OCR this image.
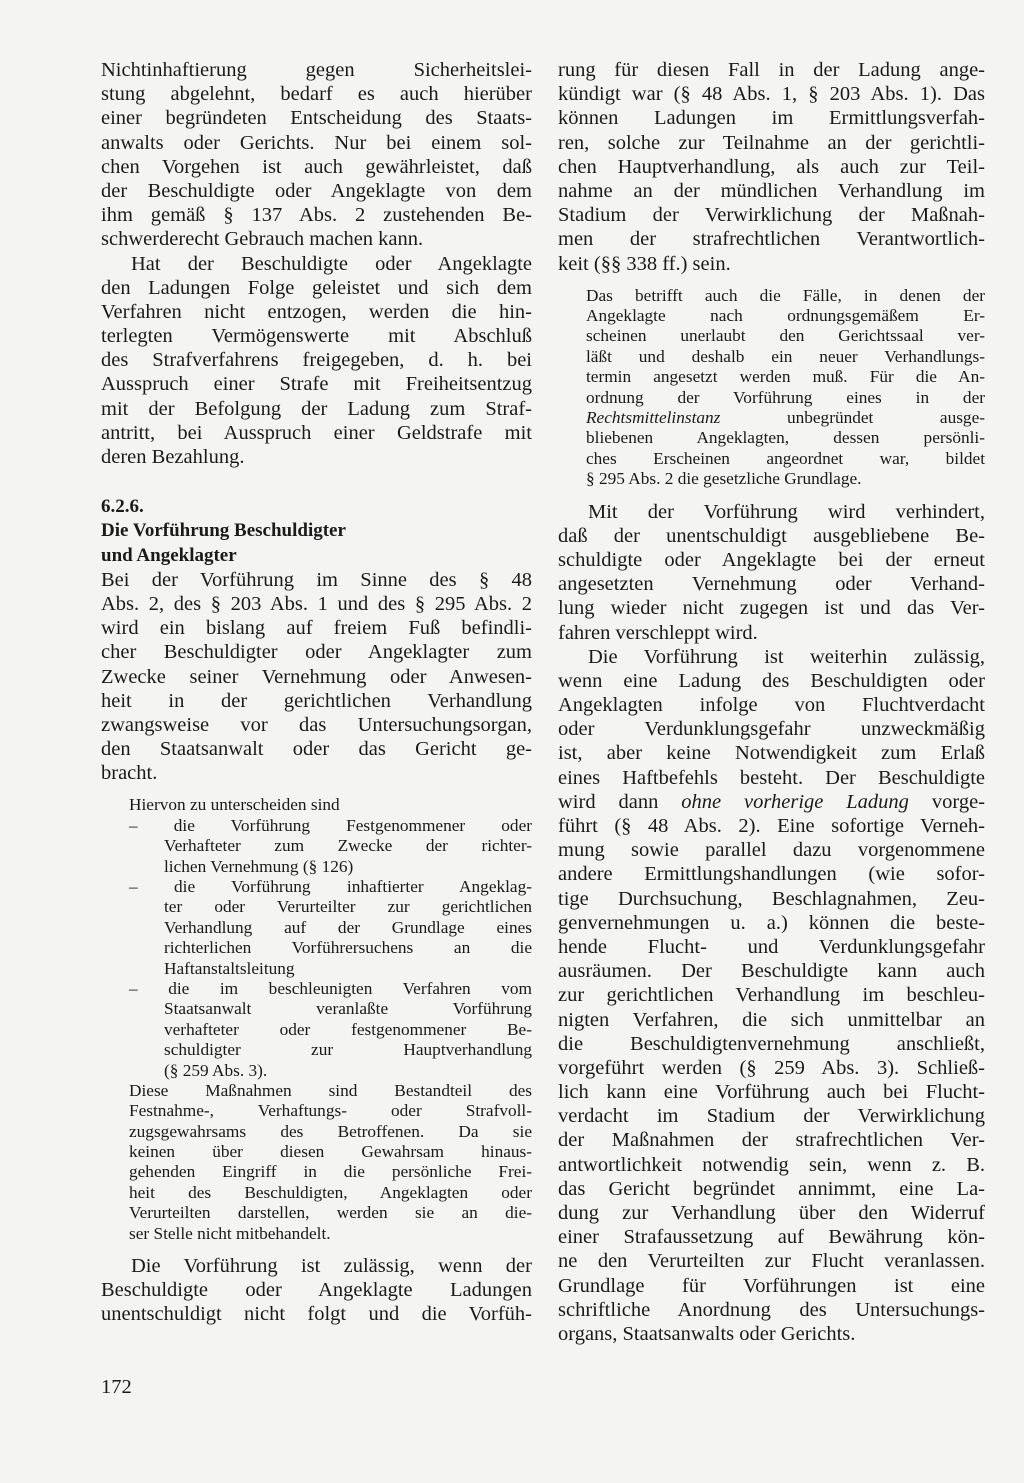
Nichtinhaftierung gegen Sicherheitslei-
stung abgelehnt, bedarf es auch hierüber
einer begründeten Entscheidung des Staats-
anwalts oder Gerichts. Nur bei einem sol-
chen Vorgehen ist auch gewährleistet, daß
der Beschuldigte oder Angeklagte von dem
ihm gemäß § 137 Abs. 2 zustehenden Be-
schwerderecht Gebrauch machen kann.
Hat der Beschuldigte oder Angeklagte
den Ladungen Folge geleistet und sich dem
Verfahren nicht entzogen, werden die hin-
terlegten Vermögenswerte mit Abschluß
des Strafverfahrens freigegeben, d. h. bei
Ausspruch einer Strafe mit Freiheitsentzug
mit der Befolgung der Ladung zum Straf-
antritt, bei Ausspruch einer Geldstrafe mit
deren Bezahlung.
6.2.6.
Die Vorführung Beschuldigter
und Angeklagter
Bei der Vorführung im Sinne des § 48
Abs. 2, des § 203 Abs. 1 und des § 295 Abs. 2
wird ein bislang auf freiem Fuß befindli-
cher Beschuldigter oder Angeklagter zum
Zwecke seiner Vernehmung oder Anwesen-
heit in der gerichtlichen Verhandlung
zwangsweise vor das Untersuchungsorgan,
den Staatsanwalt oder das Gericht ge-
bracht.
Hiervon zu unterscheiden sind
– die Vorführung Festgenommener oder
Verhafteter zum Zwecke der richter-
lichen Vernehmung (§ 126)
– die Vorführung inhaftierter Angeklag-
ter oder Verurteilter zur gerichtlichen
Verhandlung auf der Grundlage eines
richterlichen Vorführersuchens an die
Haftanstaltsleitung
– die im beschleunigten Verfahren vom
Staatsanwalt veranlaßte Vorführung
verhafteter oder festgenommener Be-
schuldigter zur Hauptverhandlung
(§ 259 Abs. 3).
Diese Maßnahmen sind Bestandteil des
Festnahme-, Verhaftungs- oder Strafvoll-
zugsgewahrsams des Betroffenen. Da sie
keinen über diesen Gewahrsam hinaus-
gehenden Eingriff in die persönliche Frei-
heit des Beschuldigten, Angeklagten oder
Verurteilten darstellen, werden sie an die-
ser Stelle nicht mitbehandelt.
Die Vorführung ist zulässig, wenn der
Beschuldigte oder Angeklagte Ladungen
unentschuldigt nicht folgt und die Vorfüh-
rung für diesen Fall in der Ladung ange-
kündigt war (§ 48 Abs. 1, § 203 Abs. 1). Das
können Ladungen im Ermittlungsverfah-
ren, solche zur Teilnahme an der gerichtli-
chen Hauptverhandlung, als auch zur Teil-
nahme an der mündlichen Verhandlung im
Stadium der Verwirklichung der Maßnah-
men der strafrechtlichen Verantwortlich-
keit (§§ 338 ff.) sein.
Das betrifft auch die Fälle, in denen der
Angeklagte nach ordnungsgemäßem Er-
scheinen unerlaubt den Gerichtssaal ver-
läßt und deshalb ein neuer Verhandlungs-
termin angesetzt werden muß. Für die An-
ordnung der Vorführung eines in der
Rechtsmittelinstanz unbegründet ausge-
bliebenen Angeklagten, dessen persönli-
ches Erscheinen angeordnet war, bildet
§ 295 Abs. 2 die gesetzliche Grundlage.
Mit der Vorführung wird verhindert,
daß der unentschuldigt ausgebliebene Be-
schuldigte oder Angeklagte bei der erneut
angesetzten Vernehmung oder Verhand-
lung wieder nicht zugegen ist und das Ver-
fahren verschleppt wird.
Die Vorführung ist weiterhin zulässig,
wenn eine Ladung des Beschuldigten oder
Angeklagten infolge von Fluchtverdacht
oder Verdunklungsgefahr unzweckmäßig
ist, aber keine Notwendigkeit zum Erlaß
eines Haftbefehls besteht. Der Beschuldigte
wird dann ohne vorherige Ladung vorge-
führt (§ 48 Abs. 2). Eine sofortige Verneh-
mung sowie parallel dazu vorgenommene
andere Ermittlungshandlungen (wie sofor-
tige Durchsuchung, Beschlagnahmen, Zeu-
genvernehmungen u. a.) können die beste-
hende Flucht- und Verdunklungsgefahr
ausräumen. Der Beschuldigte kann auch
zur gerichtlichen Verhandlung im beschleu-
nigten Verfahren, die sich unmittelbar an
die Beschuldigtenvernehmung anschließt,
vorgeführt werden (§ 259 Abs. 3). Schließ-
lich kann eine Vorführung auch bei Flucht-
verdacht im Stadium der Verwirklichung
der Maßnahmen der strafrechtlichen Ver-
antwortlichkeit notwendig sein, wenn z. B.
das Gericht begründet annimmt, eine La-
dung zur Verhandlung über den Widerruf
einer Strafaussetzung auf Bewährung kön-
ne den Verurteilten zur Flucht veranlassen.
Grundlage für Vorführungen ist eine
schriftliche Anordnung des Untersuchungs-
organs, Staatsanwalts oder Gerichts.
172
